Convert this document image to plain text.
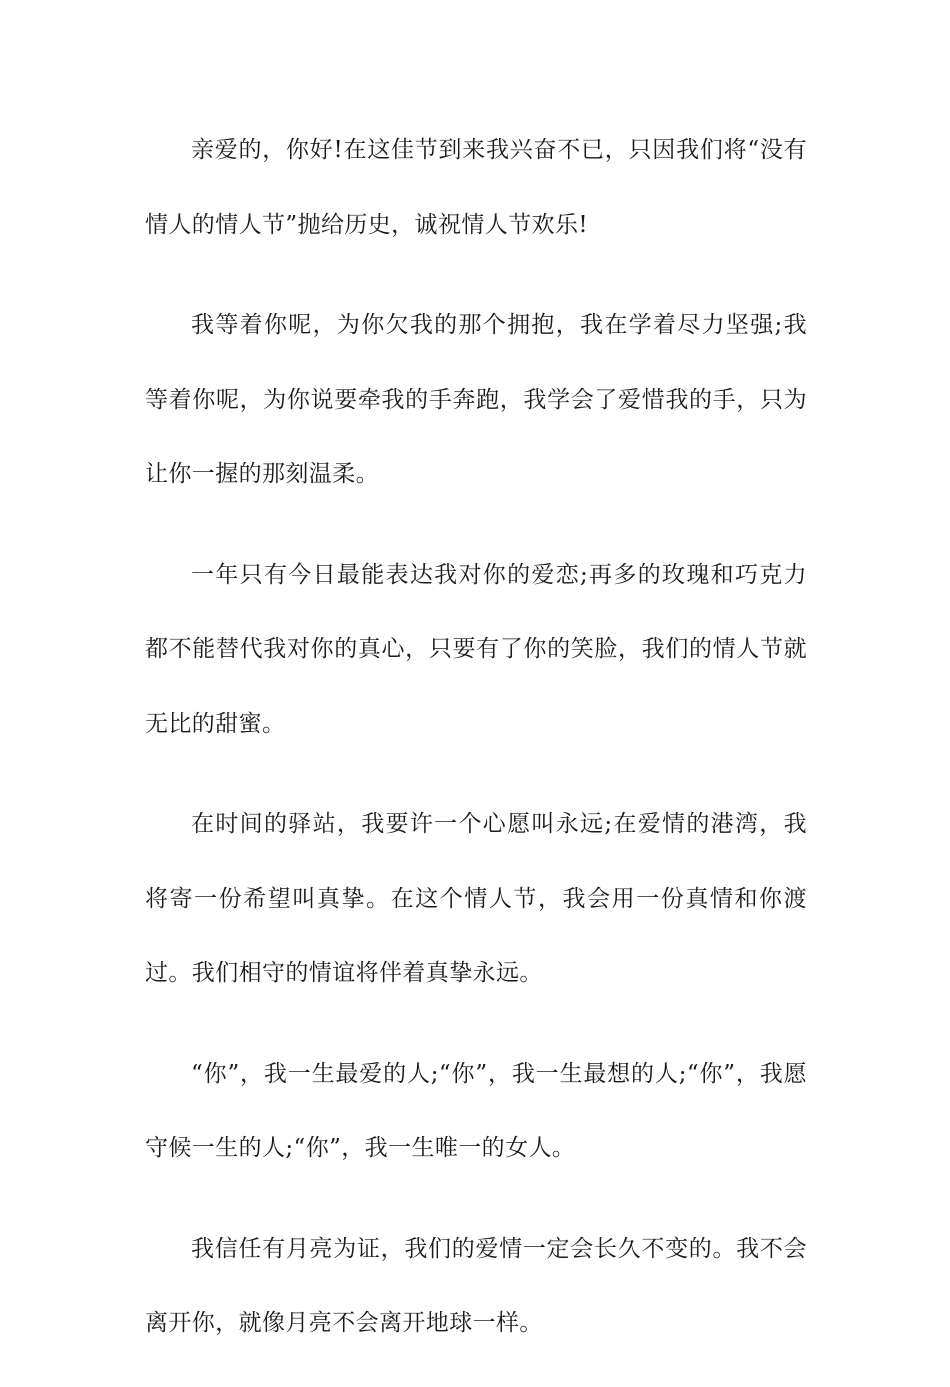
亲爱的，你好!在这佳节到来我兴奋不已，只因我们将“没有情人的情人节”抛给历史，诚祝情人节欢乐!

我等着你呢，为你欠我的那个拥抱，我在学着尽力坚强;我等着你呢，为你说要牵我的手奔跑，我学会了爱惜我的手，只为让你一握的那刻温柔。

一年只有今日最能表达我对你的爱恋;再多的玫瑰和巧克力都不能替代我对你的真心，只要有了你的笑脸，我们的情人节就无比的甜蜜。

在时间的驿站，我要许一个心愿叫永远;在爱情的港湾，我将寄一份希望叫真挚。在这个情人节，我会用一份真情和你渡过。我们相守的情谊将伴着真挚永远。

“你”，我一生最爱的人;“你”，我一生最想的人;“你”，我愿守候一生的人;“你”，我一生唯一的女人。

我信任有月亮为证，我们的爱情一定会长久不变的。我不会离开你，就像月亮不会离开地球一样。
